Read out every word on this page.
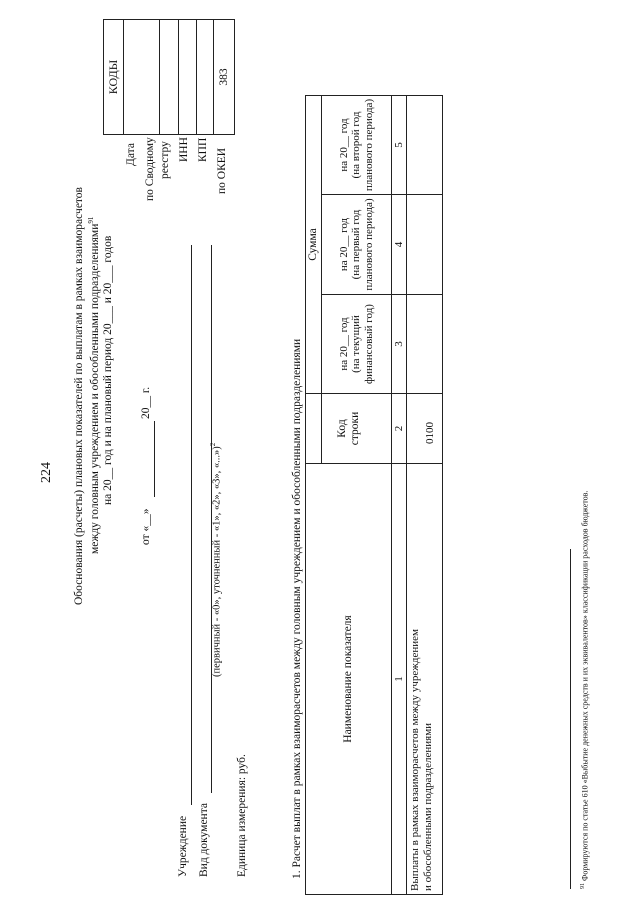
224 Обоснования (расчеты) плановых показателей по выплатам в рамках взаиморасчетов между головным учреждением и обособленными подразделениями$^{91}$
на 20__ год и на плановый период 20___ и 20___ годов
от «__»
20__ г.
Учреждение Вид документа
(первичный - «0», уточненный - «1», «2», «3», «...»)$^2$
Единица измерения: руб.
Дата по Сводному реестру ИНН КПП по ОКЕИ
КОДЫ	383
1. Расчет выплат в рамках взаиморасчетов между головным учреждением и обособленными подразделениями	Наименование показателя
Код строки
Сумма
на 20__ год (на текущий финансовый год)
на 20__ год (на первый год планового периода)
на 20__ год (на второй год планового периода)
1
2
3
4
5
Выплаты в рамках взаиморасчетов между учреждением и обособленными подразделениями
0100
$^{91}$ Формируются по статье 610 «Выбытие денежных средств и их эквивалентов» классификации расходов бюджетов.
